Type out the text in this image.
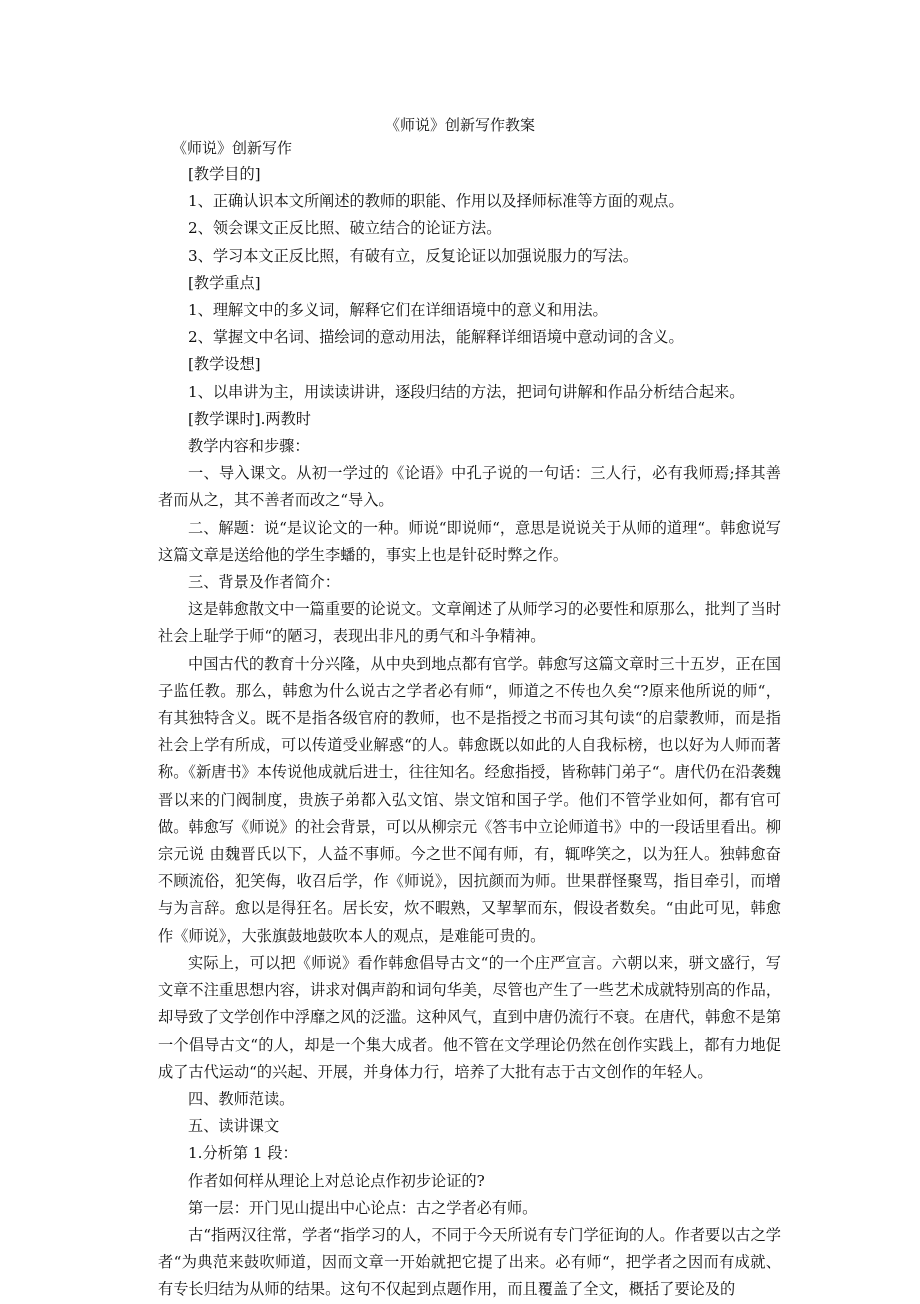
《师说》创新写作教案
《师说》创新写作

[教学目的]

1、正确认识本文所阐述的教师的职能、作用以及择师标准等方面的观点。

2、领会课文正反比照、破立结合的论证方法。

3、学习本文正反比照，有破有立，反复论证以加强说服力的写法。

[教学重点]

1、理解文中的多义词，解释它们在详细语境中的意义和用法。

2、掌握文中名词、描绘词的意动用法，能解释详细语境中意动词的含义。

[教学设想]

1、以串讲为主，用读读讲讲，逐段归结的方法，把词句讲解和作品分析结合起来。

[教学课时].两教时

教学内容和步骤：

一、导入课文。从初一学过的《论语》中孔子说的一句话：三人行，必有我师焉;择其善者而从之，其不善者而改之“导入。

二、解题：说“是议论文的一种。师说“即说师“，意思是说说关于从师的道理“。韩愈说写这篇文章是送给他的学生李蟠的，事实上也是针砭时弊之作。

三、背景及作者简介：

这是韩愈散文中一篇重要的论说文。文章阐述了从师学习的必要性和原那么，批判了当时社会上耻学于师“的陋习，表现出非凡的勇气和斗争精神。

中国古代的教育十分兴隆，从中央到地点都有官学。韩愈写这篇文章时三十五岁，正在国子监任教。那么，韩愈为什么说古之学者必有师“，师道之不传也久矣“?原来他所说的师“，有其独特含义。既不是指各级官府的教师，也不是指授之书而习其句读“的启蒙教师，而是指社会上学有所成，可以传道受业解惑“的人。韩愈既以如此的人自我标榜，也以好为人师而著称。《新唐书》本传说他成就后进士，往往知名。经愈指授，皆称韩门弟子“。唐代仍在沿袭魏晋以来的门阀制度，贵族子弟都入弘文馆、崇文馆和国子学。他们不管学业如何，都有官可做。韩愈写《师说》的社会背景，可以从柳宗元《答韦中立论师道书》中的一段话里看出。柳宗元说 由魏晋氏以下，人益不事师。今之世不闻有师，有，辄哗笑之，以为狂人。独韩愈奋不顾流俗，犯笑侮，收召后学，作《师说》，因抗颜而为师。世果群怪聚骂，指目牵引，而增与为言辞。愈以是得狂名。居长安，炊不暇熟，又挈挈而东，假设者数矣。“由此可见，韩愈作《师说》，大张旗鼓地鼓吹本人的观点，是难能可贵的。

实际上，可以把《师说》看作韩愈倡导古文“的一个庄严宣言。六朝以来，骈文盛行，写文章不注重思想内容，讲求对偶声韵和词句华美，尽管也产生了一些艺术成就特别高的作品，却导致了文学创作中浮靡之风的泛滥。这种风气，直到中唐仍流行不衰。在唐代，韩愈不是第一个倡导古文“的人，却是一个集大成者。他不管在文学理论仍然在创作实践上，都有力地促成了古代运动“的兴起、开展，并身体力行，培养了大批有志于古文创作的年轻人。

四、教师范读。

五、读讲课文

1.分析第 1 段：

作者如何样从理论上对总论点作初步论证的?

第一层：开门见山提出中心论点：古之学者必有师。

古“指两汉往常，学者“指学习的人，不同于今天所说有专门学征询的人。作者要以古之学者“为典范来鼓吹师道，因而文章一开始就把它提了出来。必有师“，把学者之因而有成就、有专长归结为从师的结果。这句不仅起到点题作用，而且覆盖了全文，概括了要论及的
